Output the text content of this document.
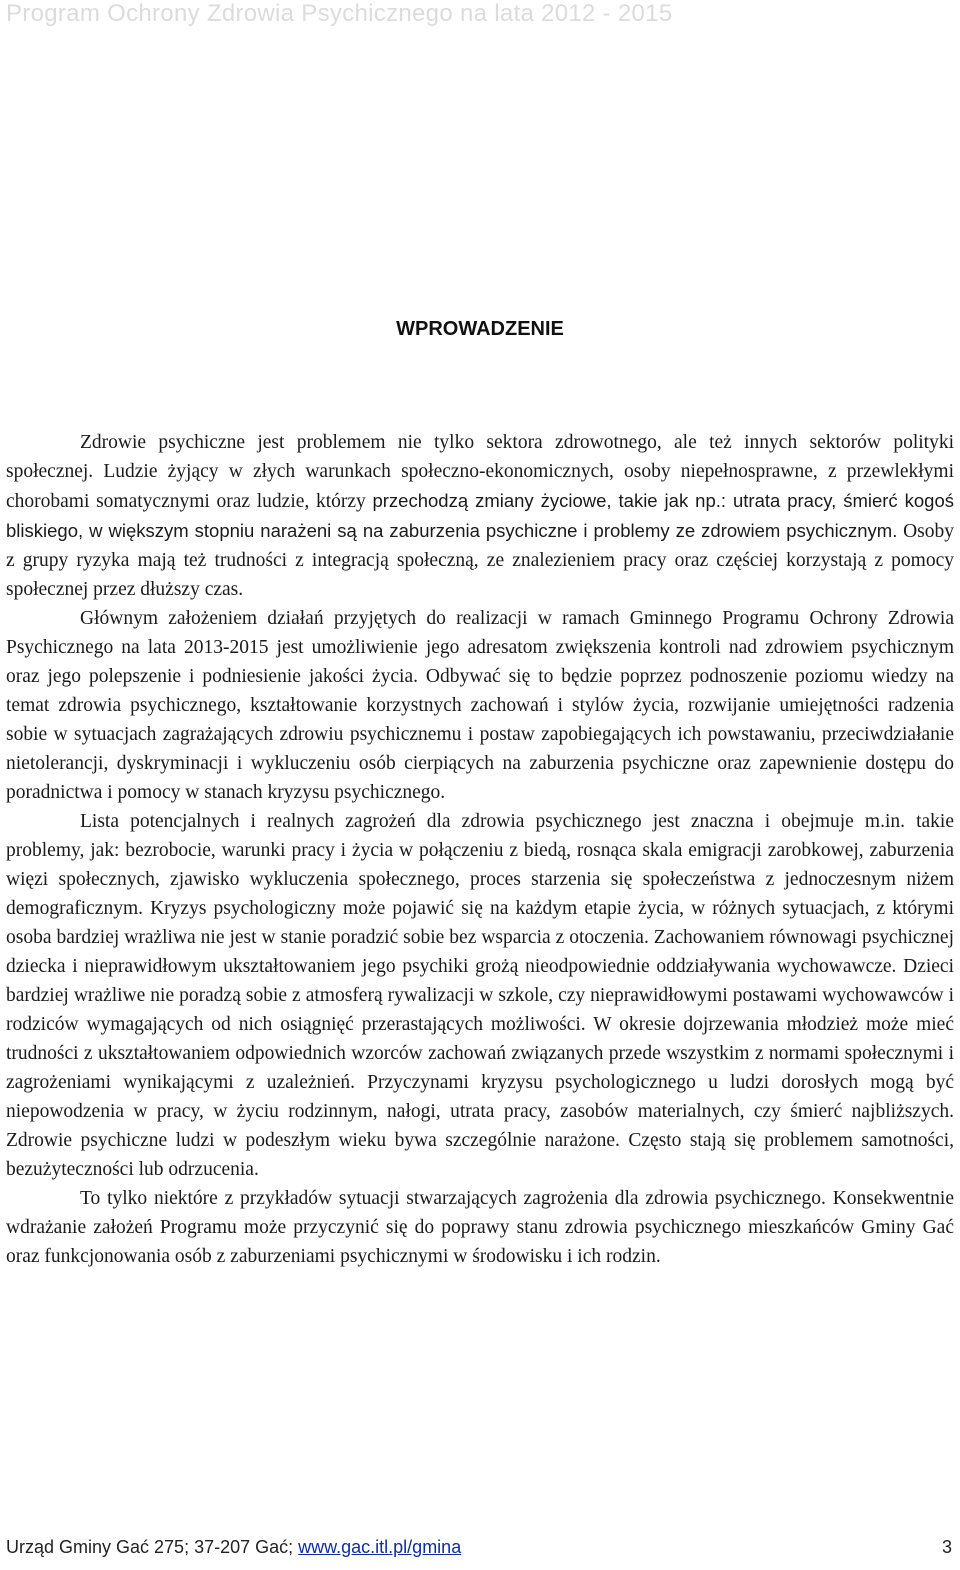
Program Ochrony Zdrowia Psychicznego na lata 2012 - 2015
WPROWADZENIE

Zdrowie psychiczne jest problemem nie tylko sektora zdrowotnego, ale też innych sektorów polityki społecznej. Ludzie żyjący w złych warunkach społeczno-ekonomicznych, osoby niepełnosprawne, z przewlekłymi chorobami somatycznymi oraz ludzie, którzy przechodzą zmiany życiowe, takie jak np.: utrata pracy, śmierć kogoś bliskiego, w większym stopniu narażeni są na zaburzenia psychiczne i problemy ze zdrowiem psychicznym. Osoby z grupy ryzyka mają też trudności z integracją społeczną, ze znalezieniem pracy oraz częściej korzystają z pomocy społecznej przez dłuższy czas.

Głównym założeniem działań przyjętych do realizacji w ramach Gminnego Programu Ochrony Zdrowia Psychicznego na lata 2013-2015 jest umożliwienie jego adresatom zwiększenia kontroli nad zdrowiem psychicznym oraz jego polepszenie i podniesienie jakości życia. Odbywać się to będzie poprzez podnoszenie poziomu wiedzy na temat zdrowia psychicznego, kształtowanie korzystnych zachowań i stylów życia, rozwijanie umiejętności radzenia sobie w sytuacjach zagrażających zdrowiu psychicznemu i postaw zapobiegających ich powstawaniu, przeciwdziałanie nietolerancji, dyskryminacji i wykluczeniu osób cierpiących na zaburzenia psychiczne oraz zapewnienie dostępu do poradnictwa i pomocy w stanach kryzysu psychicznego.

Lista potencjalnych i realnych zagrożeń dla zdrowia psychicznego jest znaczna i obejmuje m.in. takie problemy, jak: bezrobocie, warunki pracy i życia w połączeniu z biedą, rosnąca skala emigracji zarobkowej, zaburzenia więzi społecznych, zjawisko wykluczenia społecznego, proces starzenia się społeczeństwa z jednoczesnym niżem demograficznym. Kryzys psychologiczny może pojawić się na każdym etapie życia, w różnych sytuacjach, z którymi osoba bardziej wrażliwa nie jest w stanie poradzić sobie bez wsparcia z otoczenia. Zachowaniem równowagi psychicznej dziecka i nieprawidłowym ukształtowaniem jego psychiki grożą nieodpowiednie oddziaływania wychowawcze. Dzieci bardziej wrażliwe nie poradzą sobie z atmosferą rywalizacji w szkole, czy nieprawidłowymi postawami wychowawców i rodziców wymagających od nich osiągnięć przerastających możliwości. W okresie dojrzewania młodzież może mieć trudności z ukształtowaniem odpowiednich wzorców zachowań związanych przede wszystkim z normami społecznymi i zagrożeniami wynikającymi z uzależnień. Przyczynami kryzysu psychologicznego u ludzi dorosłych mogą być niepowodzenia w pracy, w życiu rodzinnym, nałogi, utrata pracy, zasobów materialnych, czy śmierć najbliższych. Zdrowie psychiczne ludzi w podeszłym wieku bywa szczególnie narażone. Często stają się problemem samotności, bezużyteczności lub odrzucenia.

To tylko niektóre z przykładów sytuacji stwarzających zagrożenia dla zdrowia psychicznego. Konsekwentnie wdrażanie założeń Programu może przyczynić się do poprawy stanu zdrowia psychicznego mieszkańców Gminy Gać oraz funkcjonowania osób z zaburzeniami psychicznymi w środowisku i ich rodzin.

Urząd Gminy Gać 275; 37-207 Gać; www.gac.itl.pl/gmina	3
